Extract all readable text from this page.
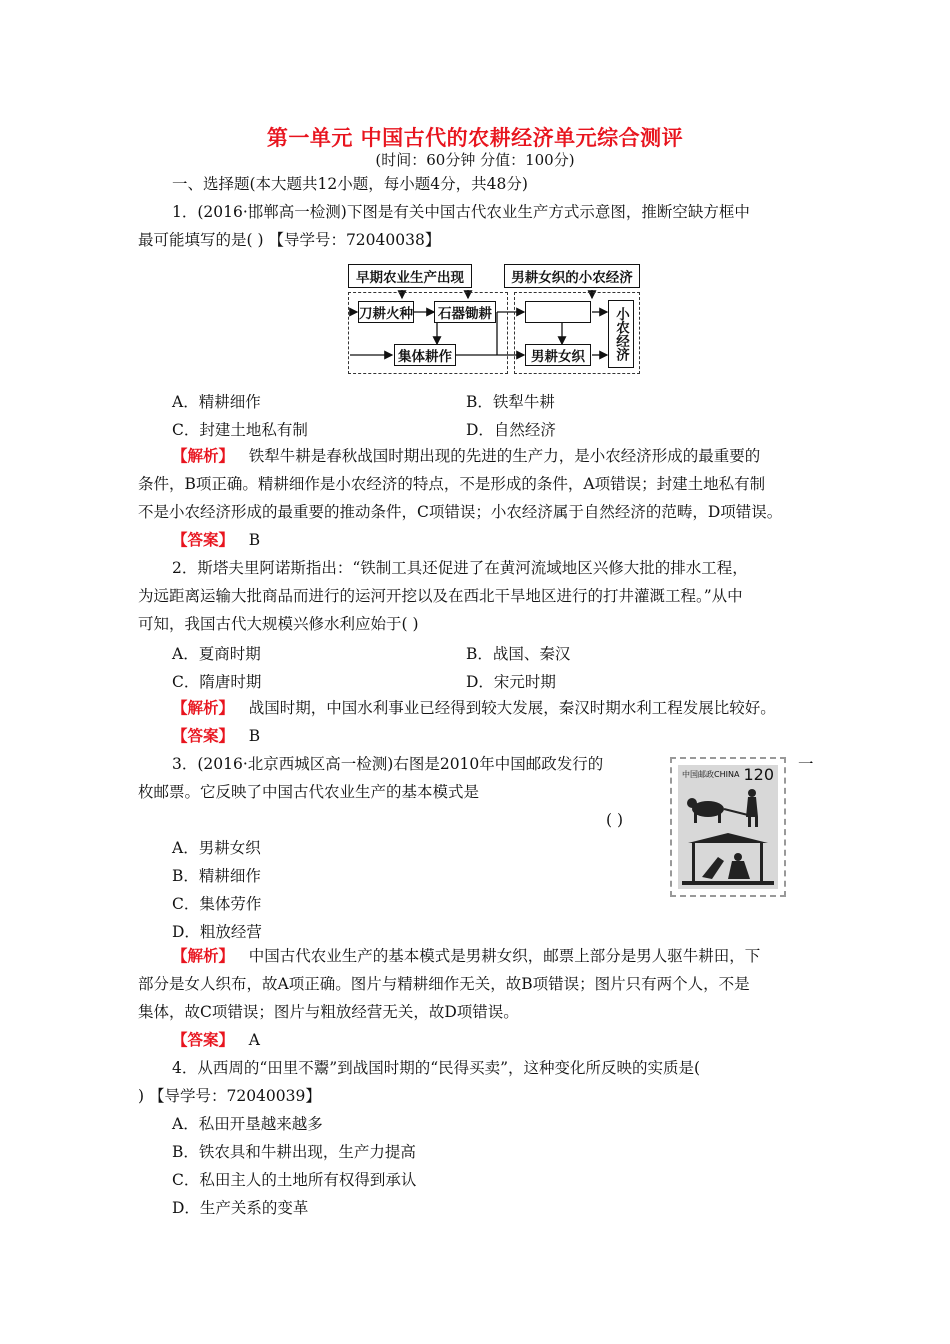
第一单元 中国古代的农耕经济单元综合测评
(时间：60分钟 分值：100分)
一、选择题(本大题共12小题，每小题4分，共48分)
1．(2016·邯郸高一检测)下图是有关中国古代农业生产方式示意图，推断空缺方框中
最可能填写的是( ) 【导学号：72040038】
早期农业生产出现	男耕女织的小农经济
刀耕火种 石器锄耕
集体耕作	男耕女织	小农经济
A．精耕细作	B．铁犁牛耕
C．封建土地私有制	D．自然经济
【解析】 铁犁牛耕是春秋战国时期出现的先进的生产力，是小农经济形成的最重要的
条件，B项正确。精耕细作是小农经济的特点，不是形成的条件，A项错误；封建土地私有制
不是小农经济形成的最重要的推动条件，C项错误；小农经济属于自然经济的范畴，D项错误。
【答案】 B
2．斯塔夫里阿诺斯指出：“铁制工具还促进了在黄河流域地区兴修大批的排水工程，
为远距离运输大批商品而进行的运河开挖以及在西北干旱地区进行的打井灌溉工程。”从中
可知，我国古代大规模兴修水利应始于( )
A．夏商时期	B．战国、秦汉
C．隋唐时期	D．宋元时期
【解析】 战国时期，中国水利事业已经得到较大发展，秦汉时期水利工程发展比较好。
【答案】 B
3．(2016·北京西城区高一检测)右图是2010年中国邮政发行的	一
枚邮票。它反映了中国古代农业生产的基本模式是
( )
中国邮政CHINA 120
A．男耕女织
B．精耕细作
C．集体劳作
D．粗放经营
【解析】 中国古代农业生产的基本模式是男耕女织，邮票上部分是男人驱牛耕田，下
部分是女人织布，故A项正确。图片与精耕细作无关，故B项错误；图片只有两个人，不是
集体，故C项错误；图片与粗放经营无关，故D项错误。
【答案】 A
4．从西周的“田里不鬻”到战国时期的“民得买卖”，这种变化所反映的实质是(
) 【导学号：72040039】
A．私田开垦越来越多
B．铁农具和牛耕出现，生产力提高
C．私田主人的土地所有权得到承认
D．生产关系的变革
